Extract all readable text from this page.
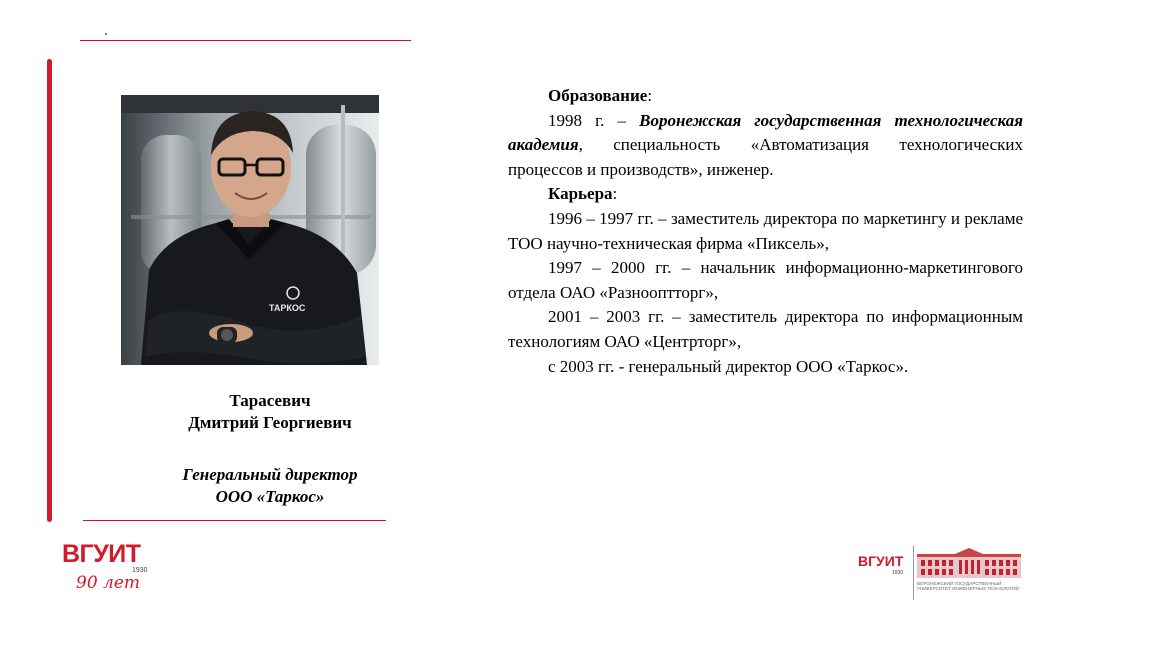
ТАРКОС
Тарасевич
Дмитрий Георгиевич
Генеральный директор
ООО «Таркос»

Образование:

1998 г. – Воронежская государственная технологическая академия, специальность «Автоматизация технологических процессов и производств», инженер.

Карьера:

1996 – 1997 гг. – заместитель директора по маркетингу и рекламе ТОО научно-техническая фирма «Пиксель»,

1997 – 2000 гг. – начальник информационно-маркетингового отдела ОАО «Разнооптторг»,

2001 – 2003 гг. – заместитель директора по информационным технологиям ОАО «Центрторг»,

с 2003 гг. - генеральный директор ООО «Таркос».

ВГУИТ
1930
90 лет
ВГУИТ
1930
ВОРОНЕЖСКИЙ ГОСУДАРСТВЕННЫЙ УНИВЕРСИТЕТ ИНЖЕНЕРНЫХ ТЕХНОЛОГИЙ
